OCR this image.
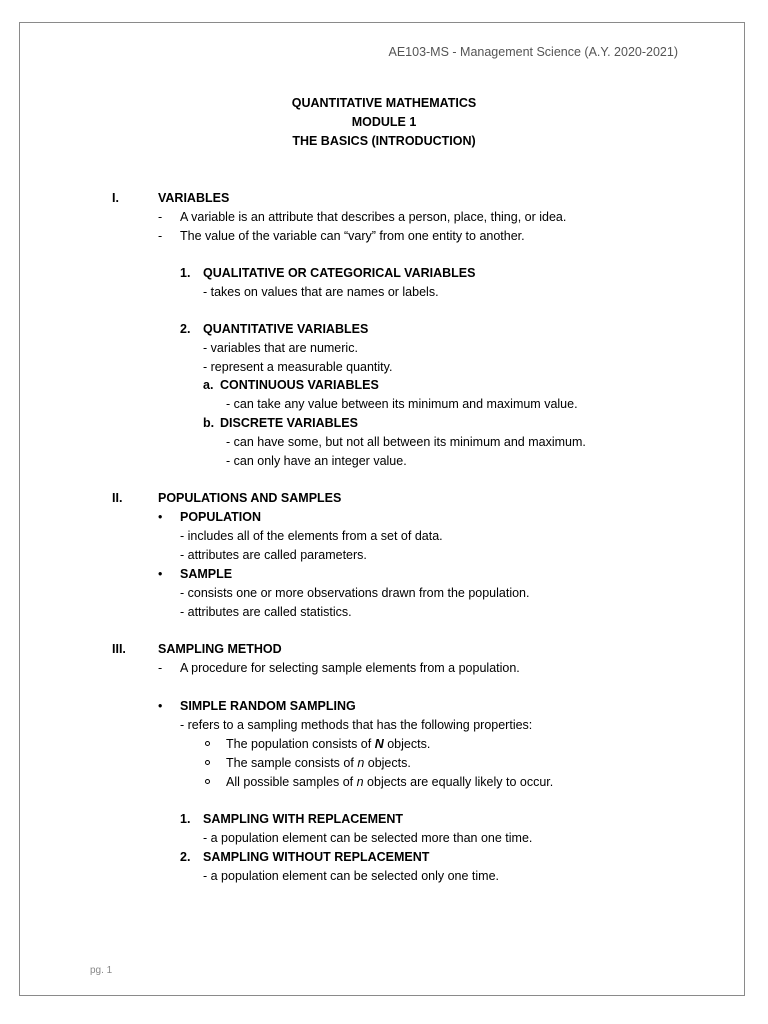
AE103-MS - Management Science (A.Y. 2020-2021)
QUANTITATIVE MATHEMATICS
MODULE 1
THE BASICS (INTRODUCTION)
I.	VARIABLES
- A variable is an attribute that describes a person, place, thing, or idea.
- The value of the variable can “vary” from one entity to another.
1. QUALITATIVE OR CATEGORICAL VARIABLES
- takes on values that are names or labels.
2. QUANTITATIVE VARIABLES
- variables that are numeric.
- represent a measurable quantity.
a. CONTINUOUS VARIABLES
- can take any value between its minimum and maximum value.
b. DISCRETE VARIABLES
- can have some, but not all between its minimum and maximum.
- can only have an integer value.
II.	POPULATIONS AND SAMPLES
• POPULATION
- includes all of the elements from a set of data.
- attributes are called parameters.
• SAMPLE
- consists one or more observations drawn from the population.
- attributes are called statistics.
III.	SAMPLING METHOD
- A procedure for selecting sample elements from a population.
• SIMPLE RANDOM SAMPLING
- refers to a sampling methods that has the following properties:
The population consists of N objects.
The sample consists of n objects.
All possible samples of n objects are equally likely to occur.
1. SAMPLING WITH REPLACEMENT
- a population element can be selected more than one time.
2. SAMPLING WITHOUT REPLACEMENT
- a population element can be selected only one time.
pg. 1
